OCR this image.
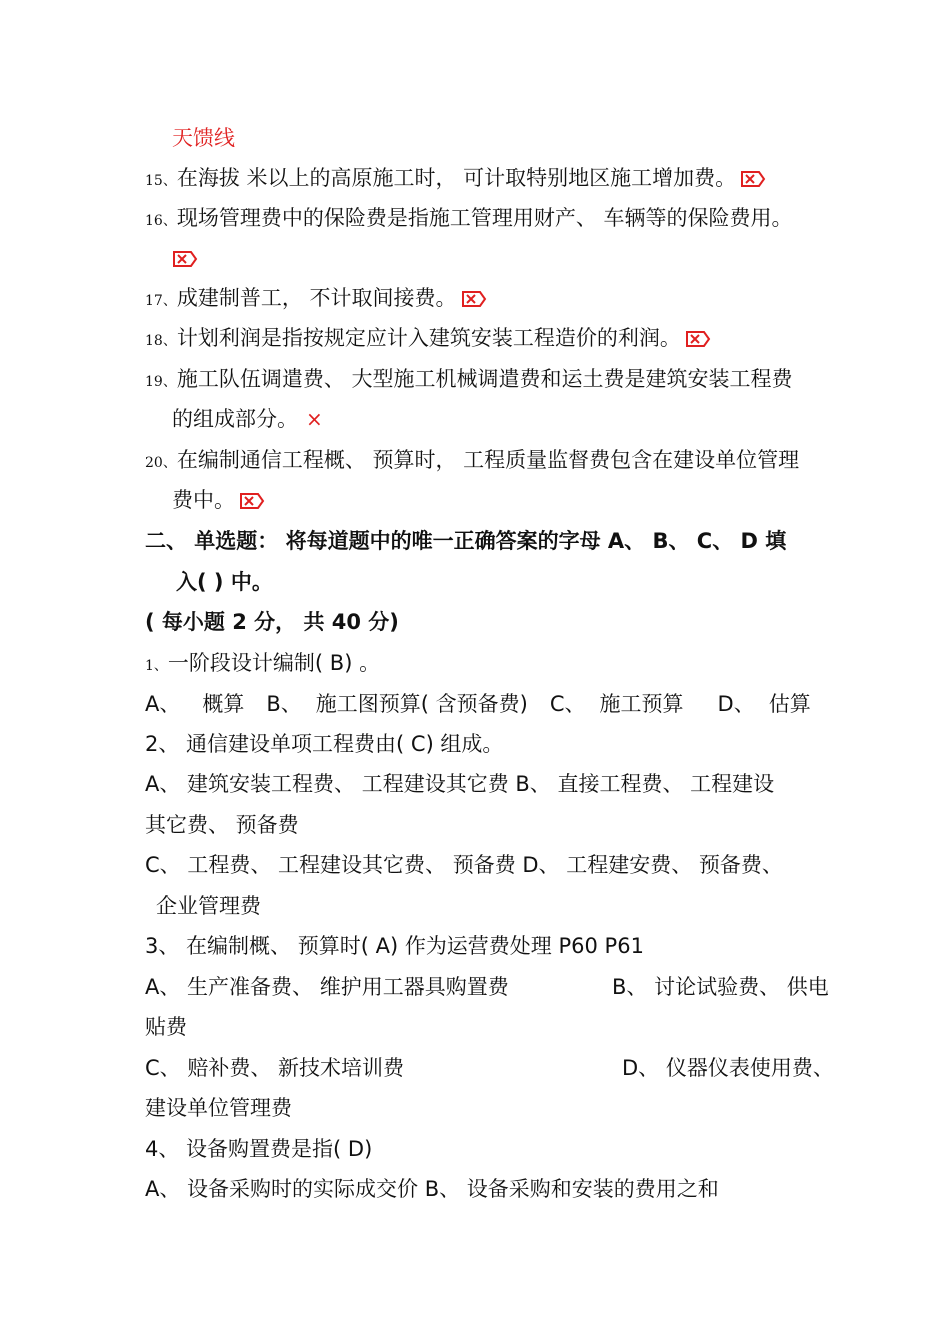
天馈线
15、在海拔 米以上的高原施工时， 可计取特别地区施工增加费。
16、现场管理费中的保险费是指施工管理用财产、 车辆等的保险费用。
17、成建制普工， 不计取间接费。
18、计划利润是指按规定应计入建筑安装工程造价的利润。
19、施工队伍调遣费、 大型施工机械调遣费和运土费是建筑安装工程费
的组成部分。 ×
20、在编制通信工程概、 预算时， 工程质量监督费包含在建设单位管理
费中。
二、 单选题： 将每道题中的唯一正确答案的字母 A、 B、 C、 D 填
入( ) 中。
( 每小题 2 分， 共 40 分)
1、一阶段设计编制( B) 。
A、 概算 B、 施工图预算( 含预备费) C、 施工预算 D、 估算
2、 通信建设单项工程费由( C) 组成。
A、 建筑安装工程费、 工程建设其它费 B、 直接工程费、 工程建设
其它费、 预备费
C、 工程费、 工程建设其它费、 预备费 D、 工程建安费、 预备费、
企业管理费
3、 在编制概、 预算时( A) 作为运营费处理 P60 P61
A、 生产准备费、 维护用工器具购置费	B、 讨论试验费、 供电
贴费
C、 赔补费、 新技术培训费	D、 仪器仪表使用费、
建设单位管理费
4、 设备购置费是指( D)
A、 设备采购时的实际成交价 B、 设备采购和安装的费用之和
